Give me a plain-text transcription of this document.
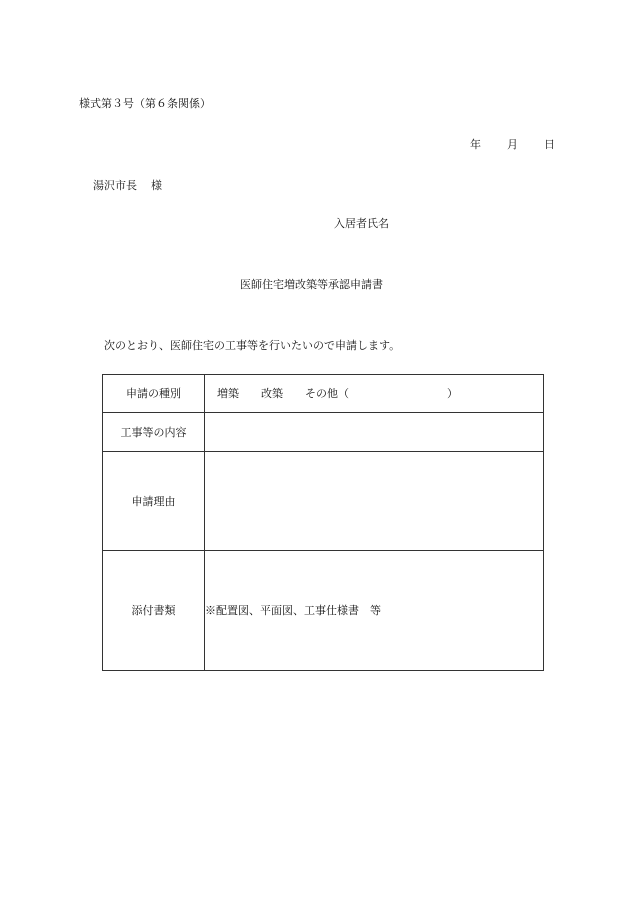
様式第３号（第６条関係）
年 月 日
湯沢市長 様
入居者氏名
医師住宅増改築等承認申請書
次のとおり、医師住宅の工事等を行いたいので申請します。
申請の種別	増築 改築 その他（ ）
工事等の内容	
申請理由	
添付書類	※配置図、平面図、工事仕様書　等
